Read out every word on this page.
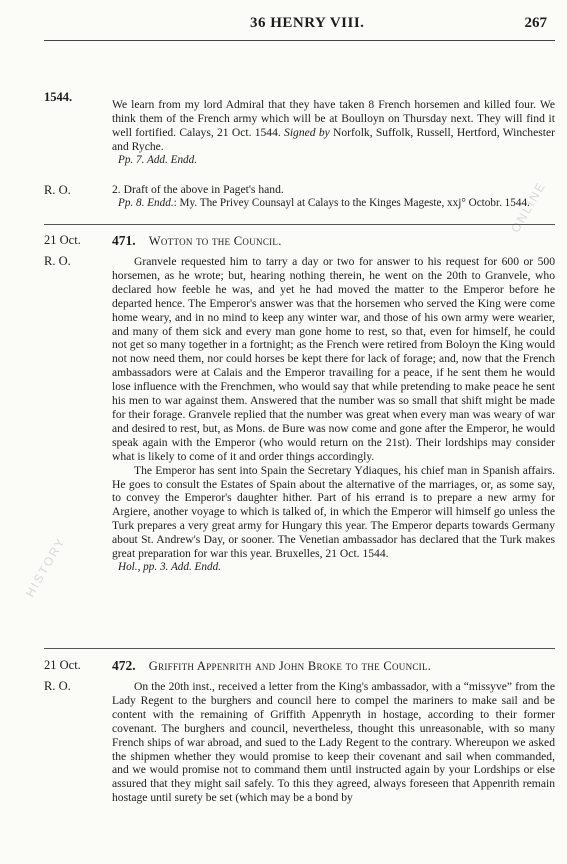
36 HENRY VIII.	267
ONLINE
HISTORY
1544.
R. O.
21 Oct.
R. O.
21 Oct.
R. O.

We learn from my lord Admiral that they have taken 8 French horsemen and killed four. We think them of the French army which will be at Boulloyn on Thursday next. They will find it well fortified. Calays, 21 Oct. 1544. Signed by Norfolk, Suffolk, Russell, Hertford, Winchester and Ryche.

Pp. 7. Add. Endd.

2. Draft of the above in Paget's hand.

Pp. 8. Endd.: My. The Privey Counsayl at Calays to the Kinges Mageste, xxj° Octobr. 1544.
471. Wotton to the Council.

Granvele requested him to tarry a day or two for answer to his request for 600 or 500 horsemen, as he wrote; but, hearing nothing therein, he went on the 20th to Granvele, who declared how feeble he was, and yet he had moved the matter to the Emperor before he departed hence. The Emperor's answer was that the horsemen who served the King were come home weary, and in no mind to keep any winter war, and those of his own army were wearier, and many of them sick and every man gone home to rest, so that, even for himself, he could not get so many together in a fortnight; as the French were retired from Boloyn the King would not now need them, nor could horses be kept there for lack of forage; and, now that the French ambassadors were at Calais and the Emperor travailing for a peace, if he sent them he would lose influence with the Frenchmen, who would say that while pretending to make peace he sent his men to war against them. Answered that the number was so small that shift might be made for their forage. Granvele replied that the number was great when every man was weary of war and desired to rest, but, as Mons. de Bure was now come and gone after the Emperor, he would speak again with the Emperor (who would return on the 21st). Their lordships may consider what is likely to come of it and order things accordingly.

The Emperor has sent into Spain the Secretary Ydiaques, his chief man in Spanish affairs. He goes to consult the Estates of Spain about the alternative of the marriages, or, as some say, to convey the Emperor's daughter hither. Part of his errand is to prepare a new army for Argiere, another voyage to which is talked of, in which the Emperor will himself go unless the Turk prepares a very great army for Hungary this year. The Emperor departs towards Germany about St. Andrew's Day, or sooner. The Venetian ambassador has declared that the Turk makes great preparation for war this year. Bruxelles, 21 Oct. 1544.

Hol., pp. 3. Add. Endd.
472. Griffith Appenrith and John Broke to the Council.

On the 20th inst., received a letter from the King's ambassador, with a “missyve” from the Lady Regent to the burghers and council here to compel the mariners to make sail and be content with the remaining of Griffith Appenryth in hostage, according to their former covenant. The burghers and council, nevertheless, thought this unreasonable, with so many French ships of war abroad, and sued to the Lady Regent to the contrary. Whereupon we asked the shipmen whether they would promise to keep their covenant and sail when commanded, and we would promise not to command them until instructed again by your Lordships or else assured that they might sail safely. To this they agreed, always foreseen that Appenrith remain hostage until surety be set (which may be a bond by
